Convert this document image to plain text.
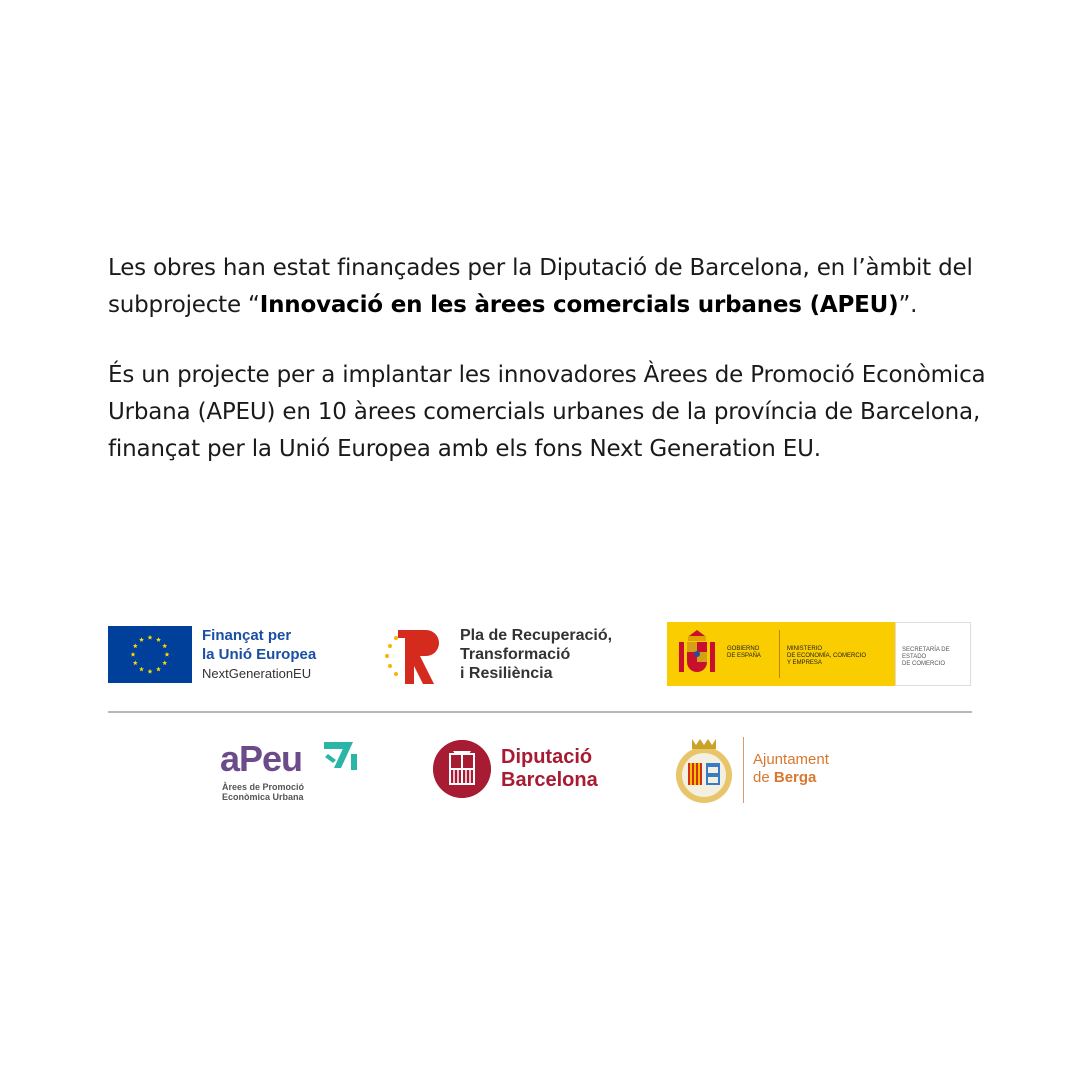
Les obres han estat finançades per la Diputació de Barcelona, en l’àmbit del subprojecte “Innovació en les àrees comercials urbanes (APEU)”.

És un projecte per a implantar les innovadores Àrees de Promoció Econòmica Urbana (APEU) en 10 àrees comercials urbanes de la província de Barcelona, finançat per la Unió Europea amb els fons Next Generation EU.

Finançat per
la Unió Europea
NextGenerationEU
Pla de Recuperació,
Transformació
i Resiliència
GOBIERNO
DE ESPAÑA
MINISTERIO
DE ECONOMÍA, COMERCIO
Y EMPRESA
SECRETARÍA DE ESTADO
DE COMERCIO
aPeu
Àrees de Promoció
Econòmica Urbana
Diputació
Barcelona
Ajuntament
de Berga
